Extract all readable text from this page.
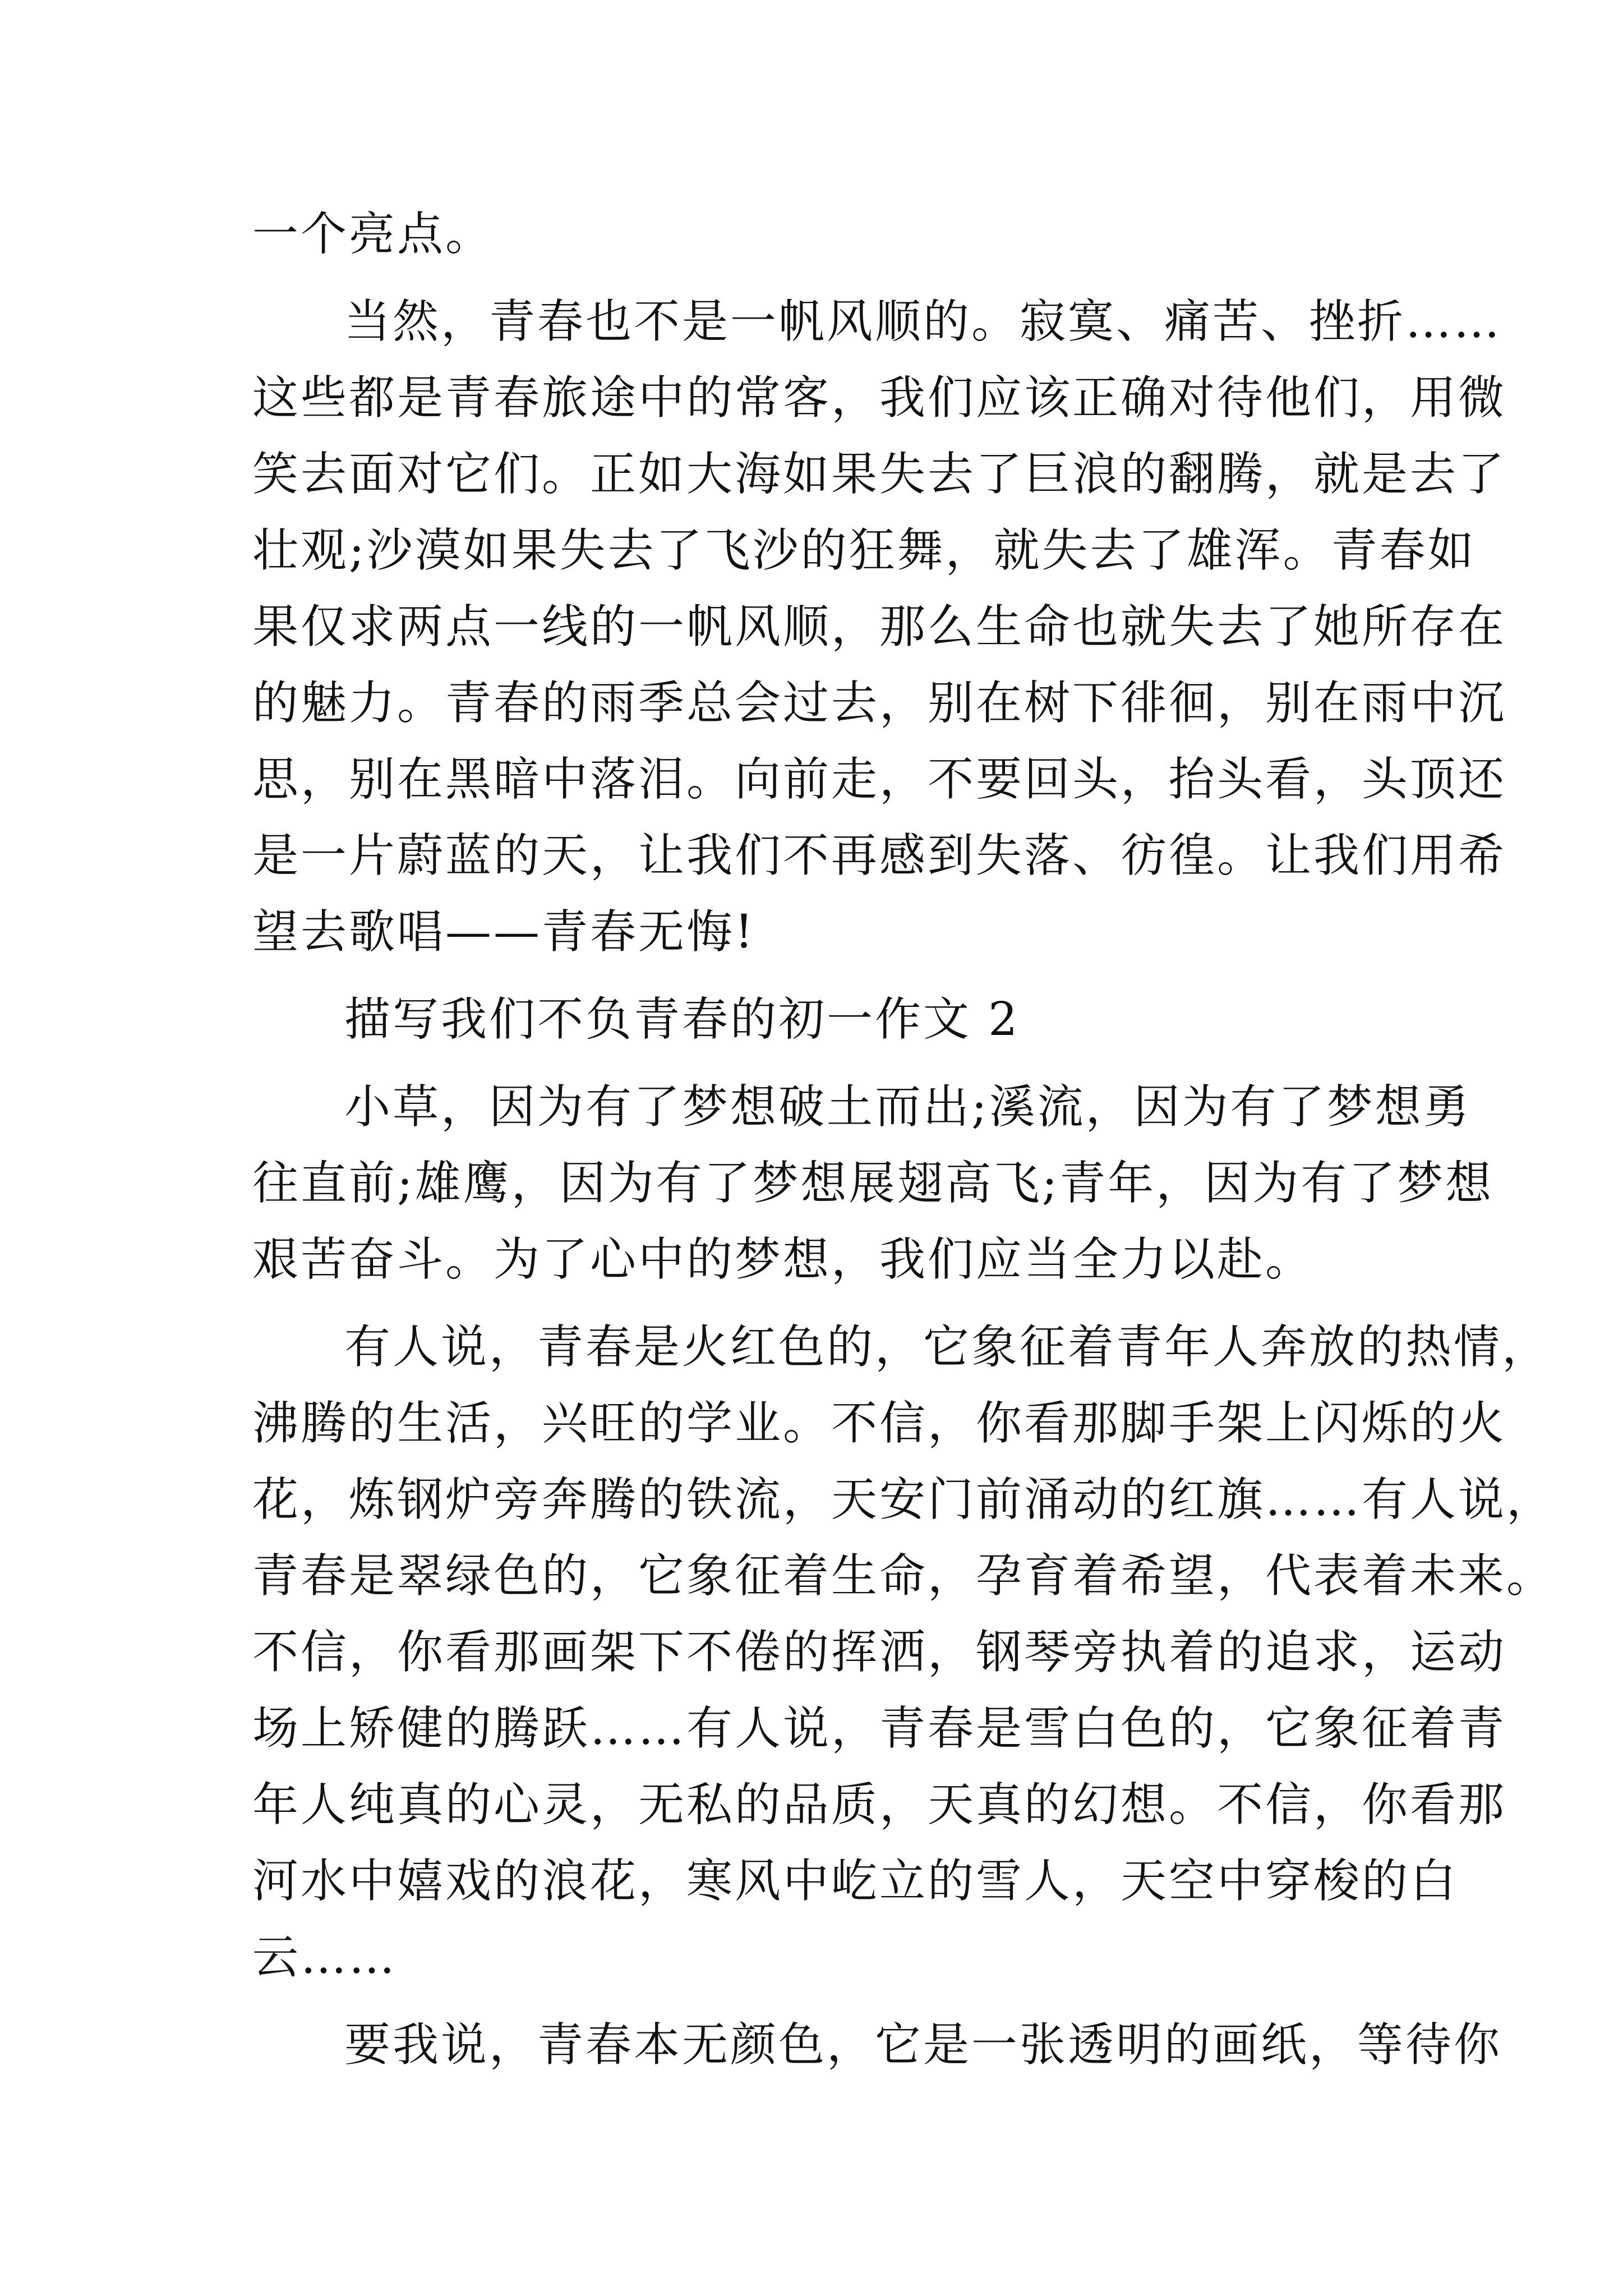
一个亮点。
当然，青春也不是一帆风顺的。寂寞、痛苦、挫折……
这些都是青春旅途中的常客，我们应该正确对待他们，用微
笑去面对它们。正如大海如果失去了巨浪的翻腾，就是去了
壮观;沙漠如果失去了飞沙的狂舞，就失去了雄浑。青春如
果仅求两点一线的一帆风顺，那么生命也就失去了她所存在
的魅力。青春的雨季总会过去，别在树下徘徊，别在雨中沉
思，别在黑暗中落泪。向前走，不要回头，抬头看，头顶还
是一片蔚蓝的天，让我们不再感到失落、彷徨。让我们用希
望去歌唱——青春无悔!
描写我们不负青春的初一作文 2
小草，因为有了梦想破土而出;溪流，因为有了梦想勇
往直前;雄鹰，因为有了梦想展翅高飞;青年，因为有了梦想
艰苦奋斗。为了心中的梦想，我们应当全力以赴。
有人说，青春是火红色的，它象征着青年人奔放的热情，
沸腾的生活，兴旺的学业。不信，你看那脚手架上闪烁的火
花，炼钢炉旁奔腾的铁流，天安门前涌动的红旗……有人说，
青春是翠绿色的，它象征着生命，孕育着希望，代表着未来。
不信，你看那画架下不倦的挥洒，钢琴旁执着的追求，运动
场上矫健的腾跃……有人说，青春是雪白色的，它象征着青
年人纯真的心灵，无私的品质，天真的幻想。不信，你看那
河水中嬉戏的浪花，寒风中屹立的雪人，天空中穿梭的白
云……
要我说，青春本无颜色，它是一张透明的画纸，等待你
